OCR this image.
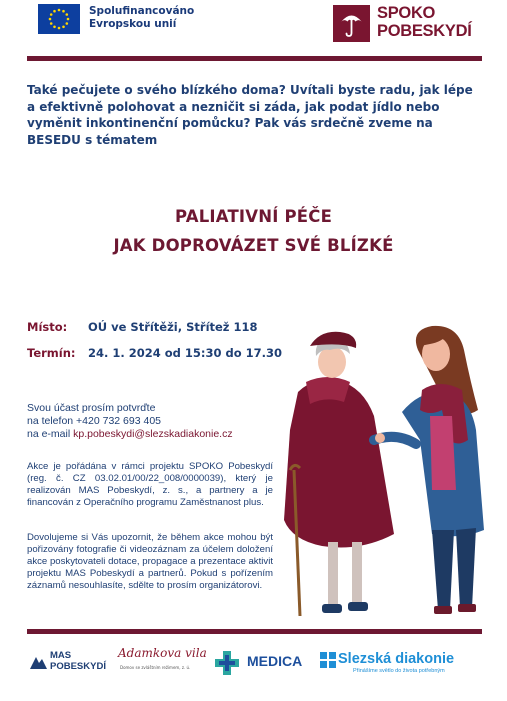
Spolufinancováno
Evropskou unií
SPOKO
POBESKYDÍ
Také pečujete o svého blízkého doma? Uvítali byste radu, jak lépe a efektivně polohovat a nezničit si záda, jak podat jídlo nebo vyměnit inkontinenční pomůcku? Pak vás srdečně zveme na BESEDU s tématem
PALIATIVNÍ PÉČE
JAK DOPROVÁZET SVÉ BLÍZKÉ
Místo: OÚ ve Střítěži, Střítež 118
Termín: 24. 1. 2024 od 15:30 do 17.30
Svou účast prosím potvrďte
na telefon +420 732 693 405
na e-mail kp.pobeskydi@slezskadiakonie.cz
Akce je pořádána v rámci projektu SPOKO Pobeskydí (reg. č. CZ 03.02.01/00/22_008/0000039), který je realizován MAS Pobeskydí, z. s., a partnery a je financován z Operačního programu Zaměstnanost plus.
Dovolujeme si Vás upozornit, že během akce mohou být pořizovány fotografie či videozáznam za účelem doložení akce poskytovateli dotace, propagace a prezentace aktivit projektu MAS Pobeskydí a partnerů. Pokud s pořízením záznamů nesouhlasíte, sdělte to prosím organizátorovi.
MAS
POBESKYDÍ
Adamkova vila
Domov se zvláštním režimem, z. ú.	MEDICA Slezská diakonie
Přinášíme světlo do života potřebným
